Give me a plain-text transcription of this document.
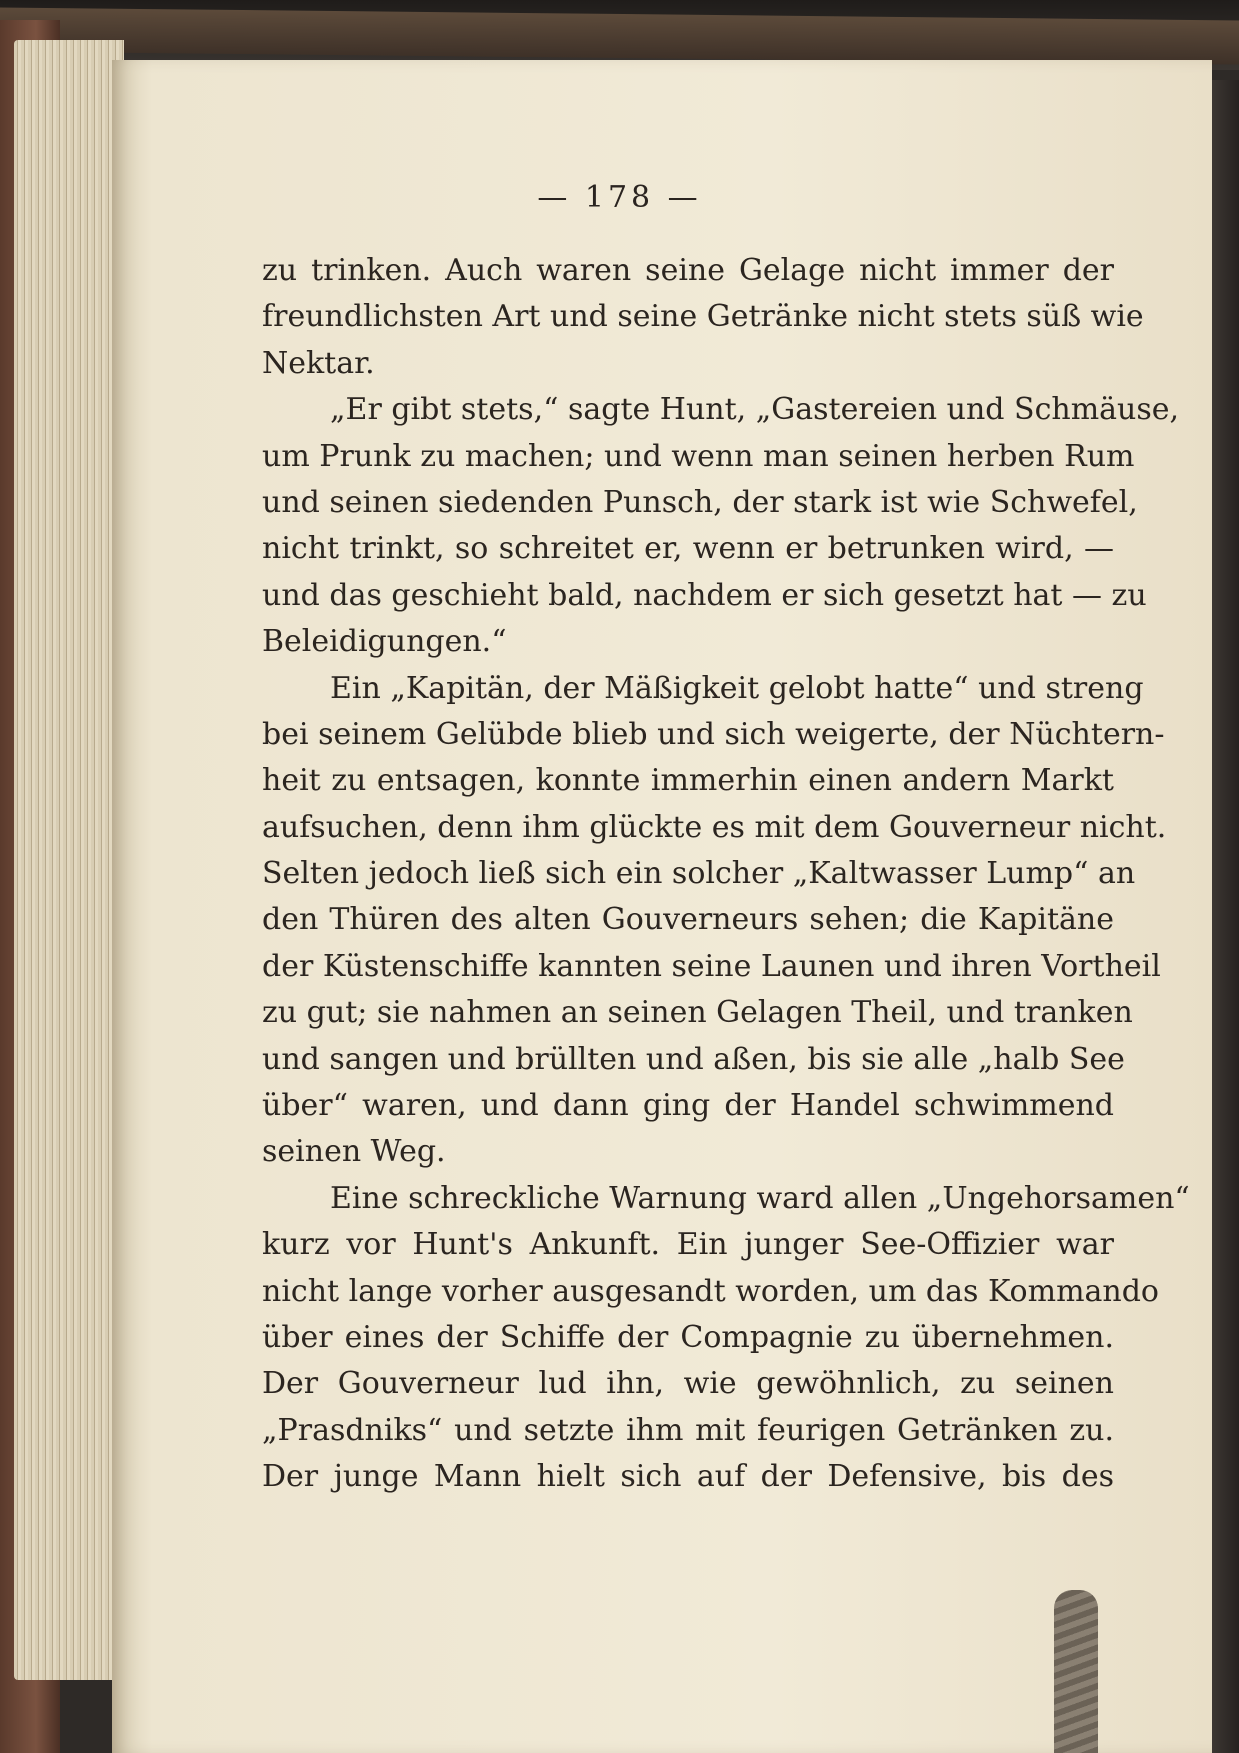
— 178 —
zu trinken. Auch waren seine Gelage nicht immer der
freundlichsten Art und seine Getränke nicht stets süß wie
Nektar.
„Er gibt stets,“ sagte Hunt, „Gastereien und Schmäuse,
um Prunk zu machen; und wenn man seinen herben Rum
und seinen siedenden Punsch, der stark ist wie Schwefel,
nicht trinkt, so schreitet er, wenn er betrunken wird, —
und das geschieht bald, nachdem er sich gesetzt hat — zu
Beleidigungen.“
Ein „Kapitän, der Mäßigkeit gelobt hatte“ und streng
bei seinem Gelübde blieb und sich weigerte, der Nüchtern-
heit zu entsagen, konnte immerhin einen andern Markt
aufsuchen, denn ihm glückte es mit dem Gouverneur nicht.
Selten jedoch ließ sich ein solcher „Kaltwasser Lump“ an
den Thüren des alten Gouverneurs sehen; die Kapitäne
der Küstenschiffe kannten seine Launen und ihren Vortheil
zu gut; sie nahmen an seinen Gelagen Theil, und tranken
und sangen und brüllten und aßen, bis sie alle „halb See
über“ waren, und dann ging der Handel schwimmend
seinen Weg.
Eine schreckliche Warnung ward allen „Ungehorsamen“
kurz vor Hunt's Ankunft. Ein junger See-Offizier war
nicht lange vorher ausgesandt worden, um das Kommando
über eines der Schiffe der Compagnie zu übernehmen.
Der Gouverneur lud ihn, wie gewöhnlich, zu seinen
„Prasdniks“ und setzte ihm mit feurigen Getränken zu.
Der junge Mann hielt sich auf der Defensive, bis des
